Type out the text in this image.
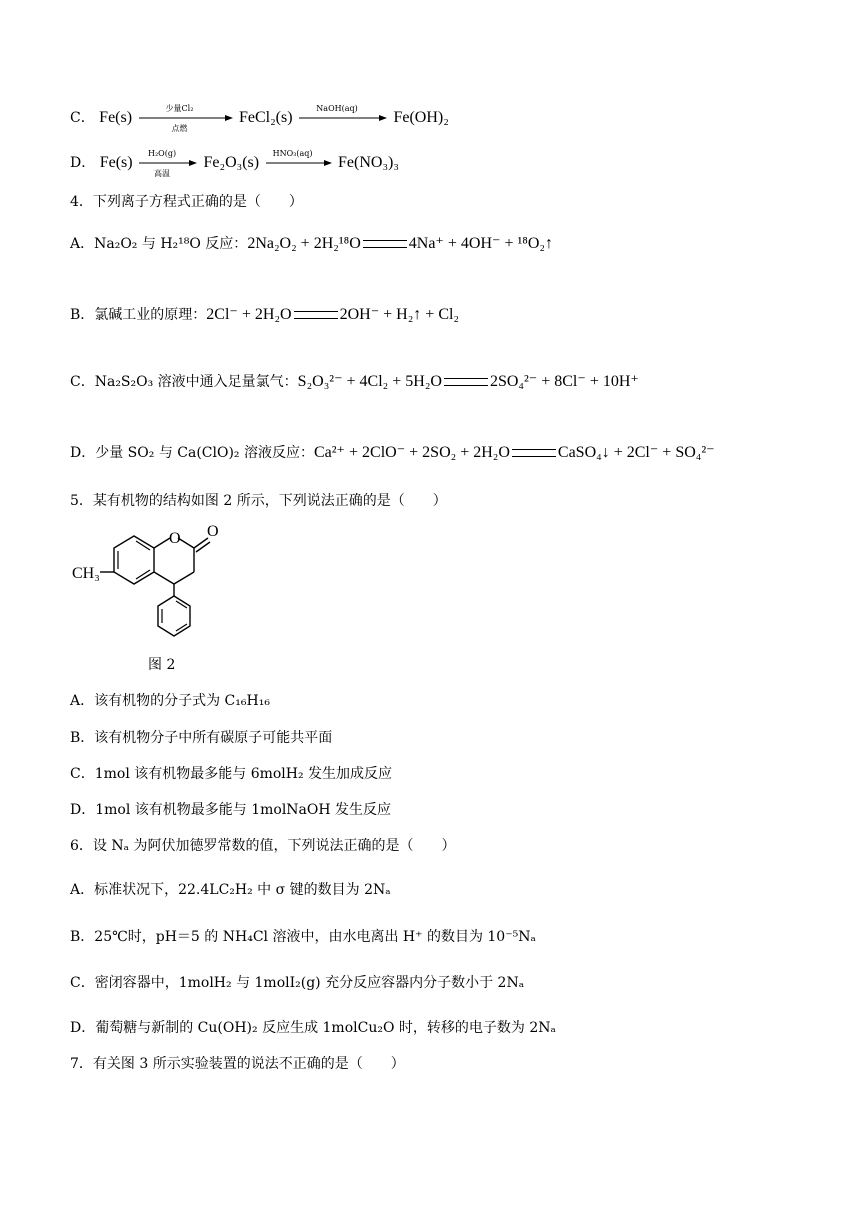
C． Fe(s)
少量Cl₂
点燃
FeCl₂(s)
NaOH(aq)
Fe(OH)₂
D． Fe(s)
H₂O(g)
高温
Fe₂O₃(s)
HNO₃(aq)
Fe(NO₃)₃
4．下列离子方程式正确的是（　　）
A．Na₂O₂ 与 H₂¹⁸O 反应：2Na₂O₂ + 2H₂¹⁸O	4Na⁺ + 4OH⁻ + ¹⁸O₂↑
B．氯碱工业的原理：2Cl⁻ + 2H₂O	2OH⁻ + H₂↑ + Cl₂
C．Na₂S₂O₃ 溶液中通入足量氯气：S₂O₃²⁻ + 4Cl₂ + 5H₂O	2SO₄²⁻ + 8Cl⁻ + 10H⁺
D．少量 SO₂ 与 Ca(ClO)₂ 溶液反应：Ca²⁺ + 2ClO⁻ + 2SO₂ + 2H₂O	CaSO₄↓ + 2Cl⁻ + SO₄²⁻
5．某有机物的结构如图 2 所示，下列说法正确的是（　　）
O O
CH₃
图 2
A．该有机物的分子式为 C₁₆H₁₆
B．该有机物分子中所有碳原子可能共平面
C．1mol 该有机物最多能与 6molH₂ 发生加成反应
D．1mol 该有机物最多能与 1molNaOH 发生反应
6．设 Nₐ 为阿伏加德罗常数的值，下列说法正确的是（　　）
A．标准状况下，22.4LC₂H₂ 中 σ 键的数目为 2Nₐ
B．25℃时，pH＝5 的 NH₄Cl 溶液中，由水电离出 H⁺ 的数目为 10⁻⁵Nₐ
C．密闭容器中，1molH₂ 与 1molI₂(g) 充分反应容器内分子数小于 2Nₐ
D．葡萄糖与新制的 Cu(OH)₂ 反应生成 1molCu₂O 时，转移的电子数为 2Nₐ
7．有关图 3 所示实验装置的说法不正确的是（　　）
